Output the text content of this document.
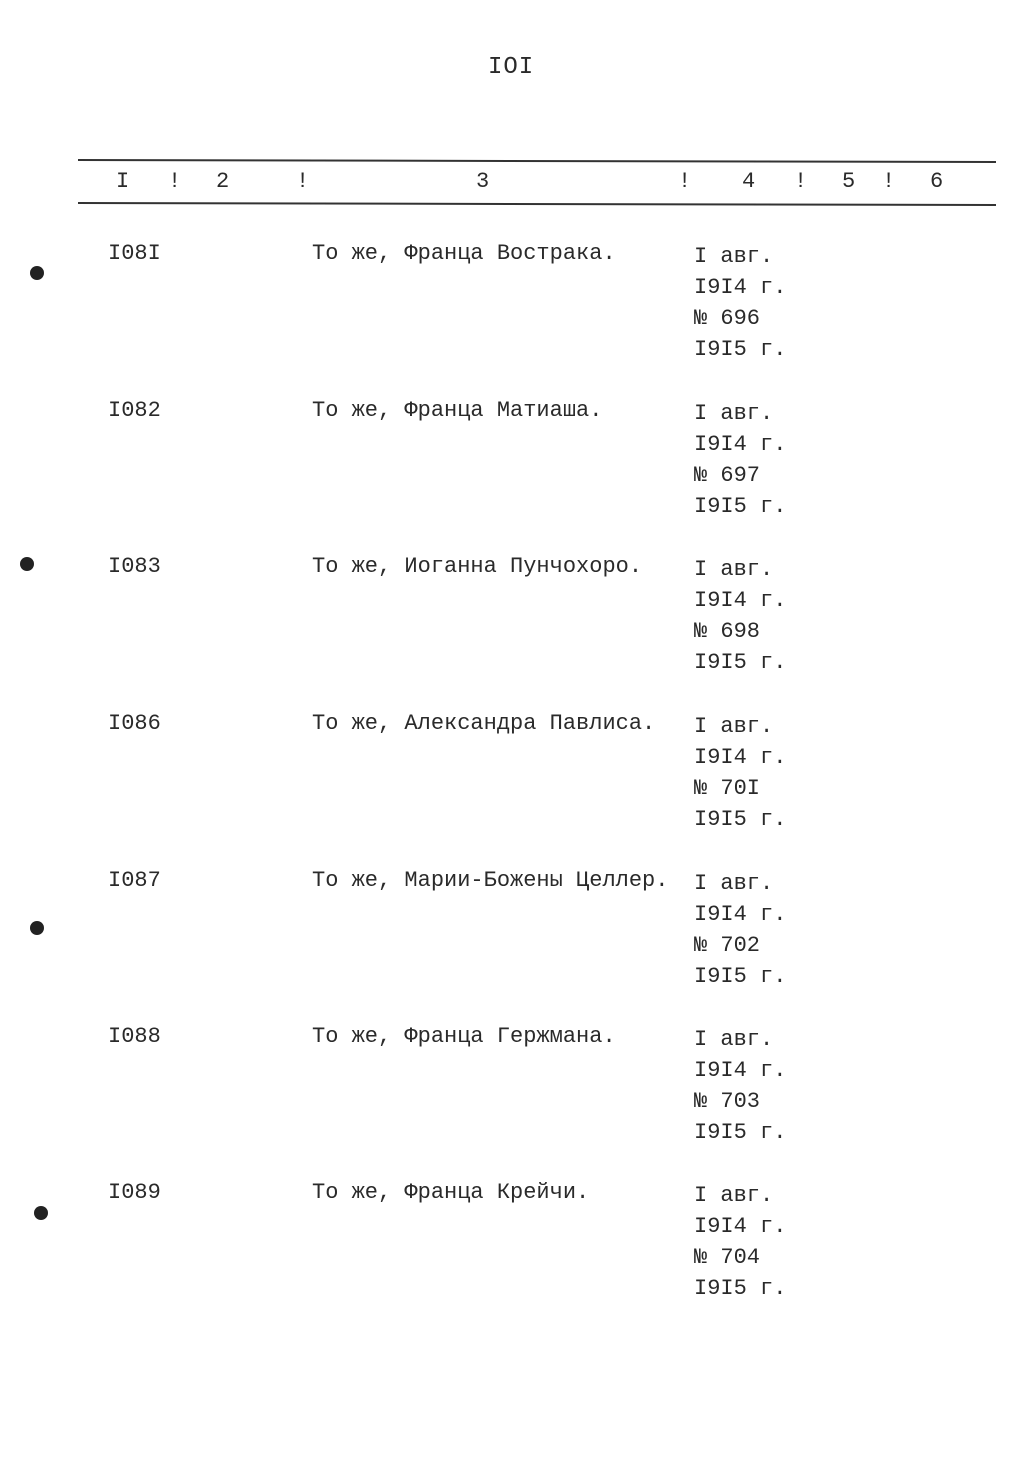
IOI
I ! 2	!	3	! 4 ! 5 ! 6
I08I	То же, Франца Вострака.	I авг.
I9I4 г.
№ 696
I9I5 г.
I082	То же, Франца Матиаша.	I авг.
I9I4 г.
№ 697
I9I5 г.
I083	То же, Иоганна Пунчохоро. I авг.
I9I4 г.
№ 698
I9I5 г.
I086	То же, Александра Павлиса. I авг.
I9I4 г.
№ 70I
I9I5 г.
I087	То же, Марии-Божены Целлер. I авг.
I9I4 г.
№ 702
I9I5 г.
I088	То же, Франца Гержмана.	I авг.
I9I4 г.
№ 703
I9I5 г.
I089	То же, Франца Крейчи.	I авг.
I9I4 г.
№ 704
I9I5 г.
